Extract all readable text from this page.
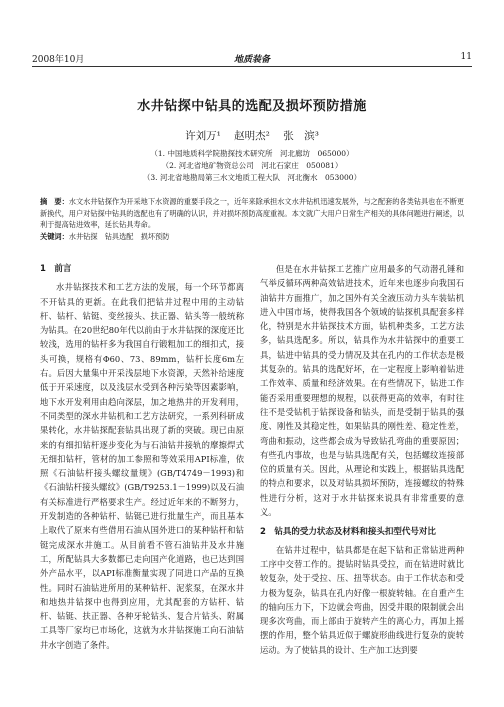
2008年10月	地质装备	11
水井钻探中钻具的选配及损坏预防措施
许刘万¹ 赵明杰² 张　滨³
（1. 中国地质科学院勘探技术研究所　河北廊坊　065000）
（2. 河北省地矿物资总公司　河北石家庄　050081）
（3. 河北省地勘局第三水文地质工程大队　河北衡水　053000）
摘　要：水文水井钻探作为开采地下水资源的重要手段之一，近年来除承担水文水井钻机迅速发展外，与之配套的各类钻具也在不断更新换代，用户对钻探中钻具的选配也有了明确的认识，并对损坏预防高度重视。本文就广大用户日常生产相关的具体问题进行阐述，以利于提高钻进效率，延长钻具寿命。
关键词：水井钻探　钻具选配　损坏预防
1　前言

水井钻探技术和工艺方法的发展，每一个环节都离不开钻具的更新。在此我们把钻井过程中用的主动钻杆、钻杆、钻铤、变丝接头、扶正器、钻头等一般统称为钻具。在20世纪80年代以前由于水井钻探的深度还比较浅，选用的钻杆多为我国自行锻粗加工的细扣式，接头可换，规格有Φ60、73、89mm，钻杆长度6m左右。后因大量集中开采浅层地下水资源，天然补给速度低于开采速度，以及浅层水受到各种污染等因素影响，地下水开发利用由趋向深层，加之地热井的开发利用，不同类型的深水井钻机和工艺方法研究，一系列科研成果转化，水井钻探配套钻具出现了新的突破。现已由原来的有细扣钻杆逐步变化为与石油钻井接轨的摩擦焊式无细扣钻杆，管材的加工参照和等效采用API标准，依照《石油钻杆接头螺纹量规》(GB/T4749－1993)和《石油钻杆接头螺纹》(GB/T9253.1－1999)以及石油有关标准进行严格要求生产。经过近年来的不断努力，开发制造的各种钻杆、钻铤已进行批量生产，而且基本上取代了原来有些借用石油从国外进口的某种钻杆和钻铤完成深水井施工。从目前看不管石油钻井及水井施工，所配钻具大多数都已走向国产化道路，也已达到国外产品水平，以API标准衡量实现了同进口产品的互换性。同时石油钻进所用的某种钻杆、泥浆泵，在深水井和地热井钻探中也得到应用，尤其配套的方钻杆、钻杆、钻铤、扶正器、各种牙轮钻头、复合片钻头、附属工具等厂家均已市场化，这就为水井钻探施工向石油钻井水字创造了条件。

但是在水井钻探工艺推广应用最多的气动潜孔锤和气举反循环两种高效钻进技术，近年来也逐步向我国石油钻井方面推广，加之国外有关全液压动力头车装钻机进入中国市场，使得我国各个领域的钻探机具配套多样化，特别是水井钻探技术方面，钻机种类多，工艺方法多，钻具选配多。所以，钻具作为水井钻探中的重要工具，钻进中钻具的受力情况及其在孔内的工作状态是极其复杂的。钻具的选配好坏，在一定程度上影响着钻进工作效率、质量和经济效果。在有些情况下，钻进工作能否采用重要理想的规程，以获得更高的效率，有时往往不是受钻机于钻探设备和钻头，而是受制于钻具的强度、刚性及其稳定性，如果钻具的刚性差、稳定性差，弯曲和振动，这些都会成为导致钻孔弯曲的重要原因；有些孔内事故，也是与钻具选配有关，包括螺纹连接部位的质量有关。因此，从理论和实践上，根据钻具选配的特点和要求，以及对钻具损坏预防，连接螺纹的特殊性进行分析，这对于水井钻探来说具有非常重要的意义。

2　钻具的受力状态及材料和接头扣型代号对比

在钻井过程中，钻具都是在起下钻和正常钻进两种工序中交替工作的。提钻时钻具受拉，而在钻进时就比较复杂，处于受拉、压、扭等状态。由于工作状态和受力极为复杂，钻具在孔内好像一根旋转轴。在自重产生的轴向压力下，下边就会弯曲，因受井眼的限制就会出现多次弯曲，而上部由于旋转产生的离心力，再加上摇摆的作用，整个钻具近似于螺旋形曲线进行复杂的旋转运动。为了使钻具的设计、生产加工达到要
